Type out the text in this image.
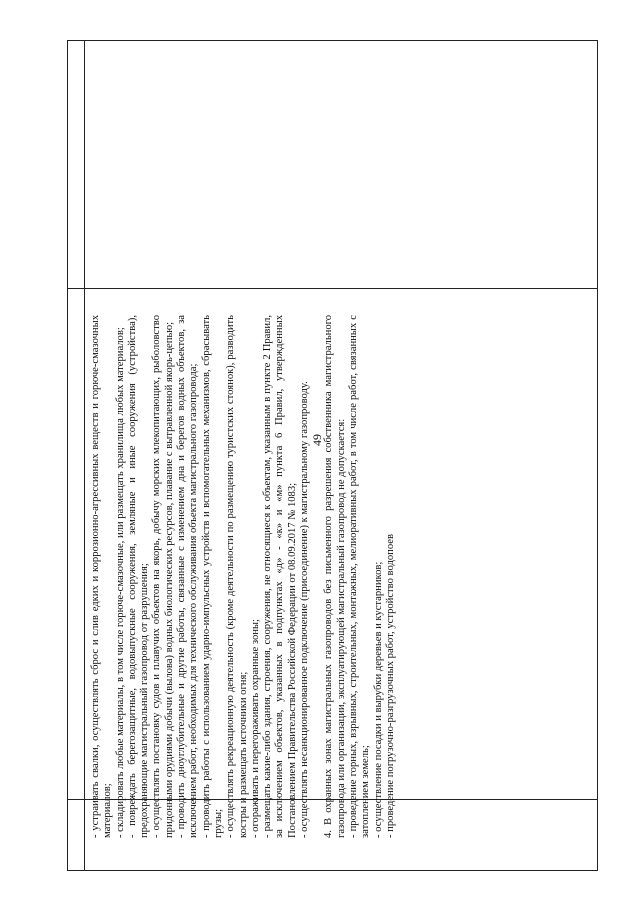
49

- устраивать свалки, осуществлять сброс и слив едких и коррозионно-агрессивных веществ и горюче-смазочных материалов; - складировать любые материалы, в том числе горюче-смазочные, или размещать хранилища любых материалов; - повреждать берегозащитные, водовыпускные сооружения, земляные и иные сооружения (устройства), предохраняющие магистральный газопровод от разрушения; - осуществлять постановку судов и плавучих объектов на якорь, добычу морских млекопитающих, рыболовство придонными орудиями добычи (вылова) водных биологических ресурсов, плавание с вытравленной якорь-цепью; - проводить дноуглубительные и другие работы, связанные с изменением дна и берегов водных объектов, за исключением работ, необходимых для технического обслуживания объекта магистрального газопровода; - проводить работы с использованием ударно-импульсных устройств и вспомогательных механизмов, сбрасывать грузы; - осуществлять рекреационную деятельность (кроме деятельности по размещению туристских стоянок), разводить костры и размещать источники огня; - огораживать и перегораживать охранные зоны; - размещать какие-либо здания, строения, сооружения, не относящиеся к объектам, указанным в пункте 2 Правил, за исключением объектов, указанных в подпунктах «д» - «к» и «м» пункта 6 Правил, утвержденных Постановлением Правительства Российской Федерации от 08.09.2017 № 1083; - осуществлять несанкционированное подключение (присоединение) к магистральному газопроводу. 4. В охранных зонах магистральных газопроводов без письменного разрешения собственника магистрального газопровода или организации, эксплуатирующей магистральный газопровод не допускается: - проведение горных, взрывных, строительных, монтажных, мелиоративных работ, в том числе работ, связанных с затоплением земель; - осуществление посадки и вырубки деревьев и кустарников; - проведение погрузочно-разгрузочных работ, устройство водопоев
